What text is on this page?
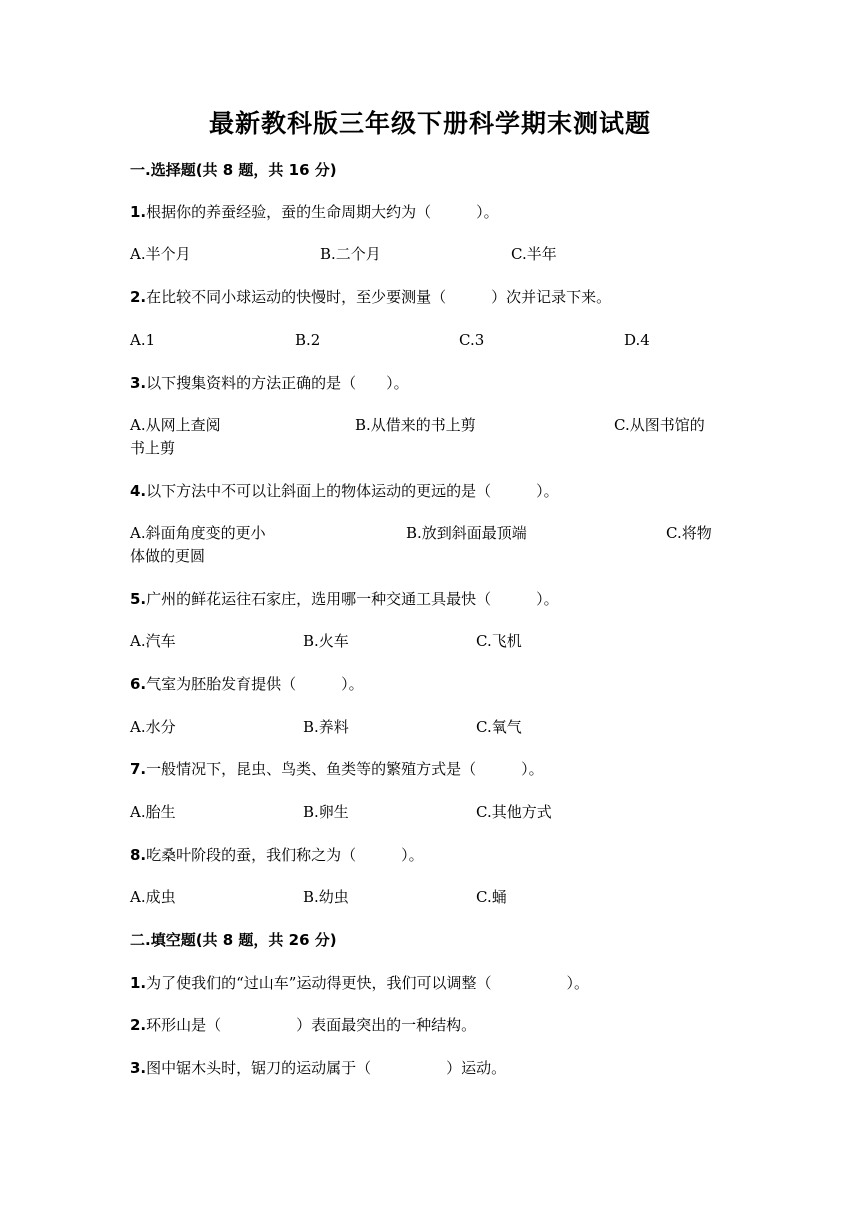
最新教科版三年级下册科学期末测试题
一.选择题(共 8 题，共 16 分)
1.根据你的养蚕经验，蚕的生命周期大约为（　　　）。
A.半个月	B.二个月	C.半年
2.在比较不同小球运动的快慢时，至少要测量（　　　）次并记录下来。
A.1	B.2	C.3	D.4
3.以下搜集资料的方法正确的是（　　）。
A.从网上查阅	B.从借来的书上剪	C.从图书馆的
书上剪
4.以下方法中不可以让斜面上的物体运动的更远的是（　　　）。
A.斜面角度变的更小	B.放到斜面最顶端	C.将物
体做的更圆
5.广州的鲜花运往石家庄，选用哪一种交通工具最快（　　　）。
A.汽车	B.火车	C.飞机
6.气室为胚胎发育提供（　　　）。
A.水分	B.养料	C.氧气
7.一般情况下，昆虫、鸟类、鱼类等的繁殖方式是（　　　）。
A.胎生	B.卵生	C.其他方式
8.吃桑叶阶段的蚕，我们称之为（　　　）。
A.成虫	B.幼虫	C.蛹
二.填空题(共 8 题，共 26 分)
1.为了使我们的“过山车”运动得更快，我们可以调整（　　　　　）。
2.环形山是（　　　　　）表面最突出的一种结构。
3.图中锯木头时，锯刀的运动属于（　　　　　）运动。
